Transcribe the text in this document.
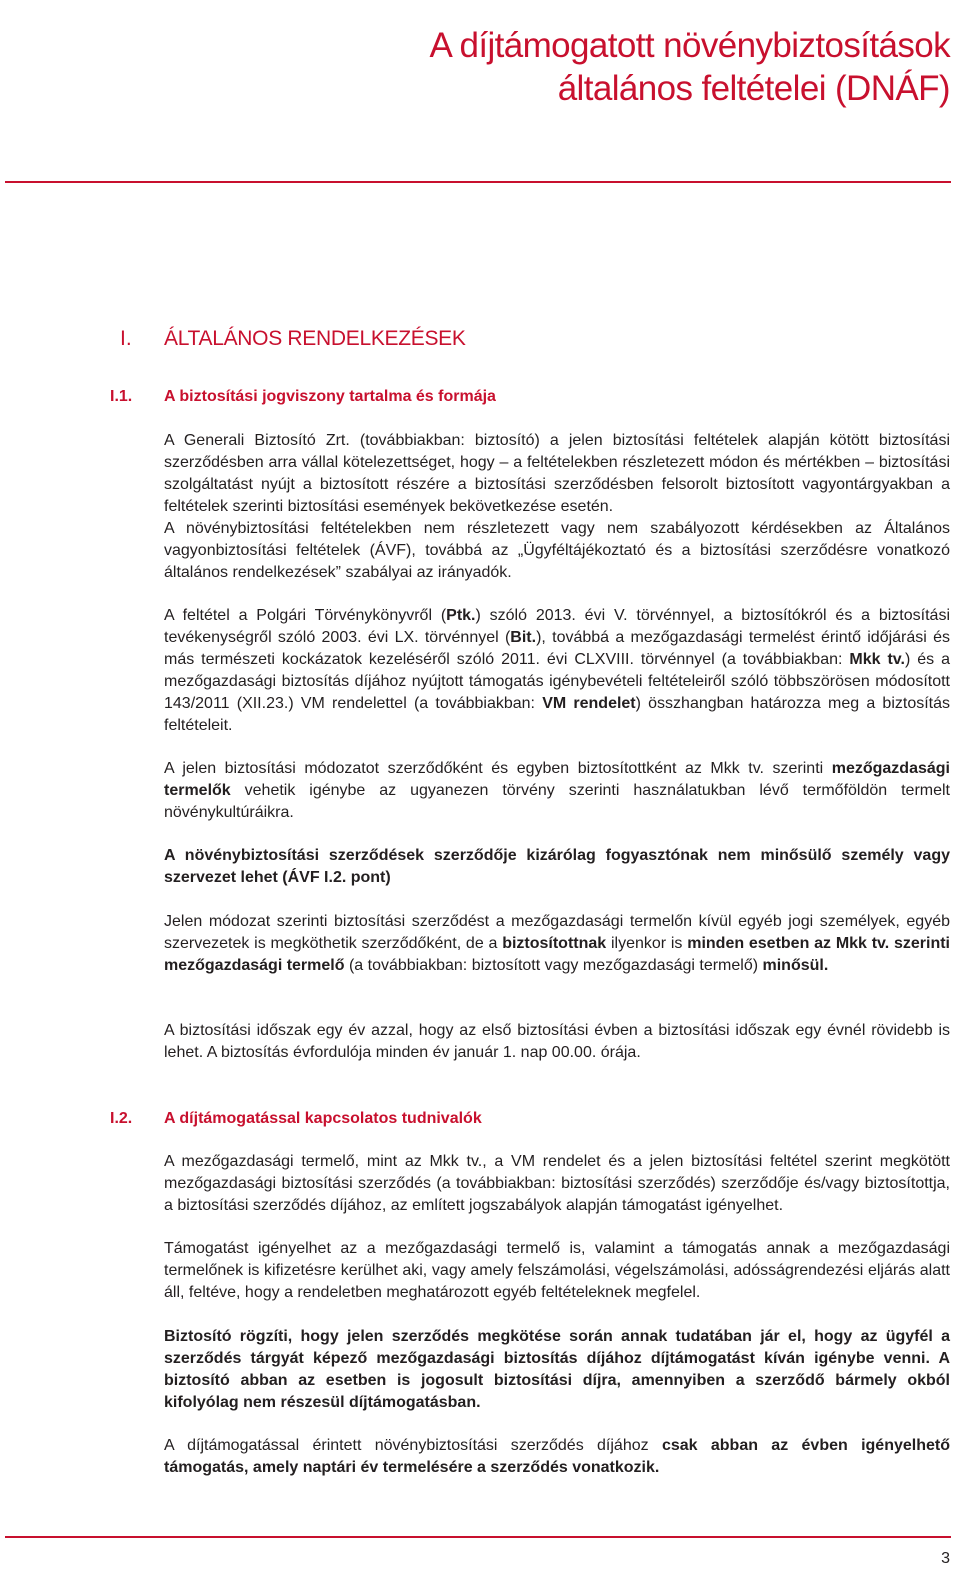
A díjtámogatott növénybiztosítások
általános feltételei (DNÁF)
I. ÁLTALÁNOS RENDELKEZÉSEK
I.1. A biztosítási jogviszony tartalma és formája
A Generali Biztosító Zrt. (továbbiakban: biztosító) a jelen biztosítási feltételek alapján kötött biztosítási szerződésben arra vállal kötelezettséget, hogy – a feltételekben részletezett módon és mértékben – biztosítási szolgáltatást nyújt a biztosított részére a biztosítási szerződésben felsorolt biztosított vagyontárgyakban a feltételek szerinti biztosítási események bekövetkezése esetén.
A növénybiztosítási feltételekben nem részletezett vagy nem szabályozott kérdésekben az Általános vagyonbiztosítási feltételek (ÁVF), továbbá az „Ügyféltájékoztató és a biztosítási szerződésre vonatkozó általános rendelkezések” szabályai az irányadók.
A feltétel a Polgári Törvénykönyvről (Ptk.) szóló 2013. évi V. törvénnyel, a biztosítókról és a biztosítási tevékenységről szóló 2003. évi LX. törvénnyel (Bit.), továbbá a mezőgazdasági termelést érintő időjárási és más természeti kockázatok kezeléséről szóló 2011. évi CLXVIII. törvénnyel (a továbbiakban: Mkk tv.) és a mezőgazdasági biztosítás díjához nyújtott támogatás igénybevételi feltételeiről szóló többszörösen módosított 143/2011 (XII.23.) VM rendelettel (a továbbiakban: VM rendelet) összhangban határozza meg a biztosítás feltételeit.
A jelen biztosítási módozatot szerződőként és egyben biztosítottként az Mkk tv. szerinti mezőgazdasági termelők vehetik igénybe az ugyanezen törvény szerinti használatukban lévő termőföldön termelt növénykultúráikra.
A növénybiztosítási szerződések szerződője kizárólag fogyasztónak nem minősülő személy vagy szervezet lehet (ÁVF I.2. pont)
Jelen módozat szerinti biztosítási szerződést a mezőgazdasági termelőn kívül egyéb jogi személyek, egyéb szervezetek is megköthetik szerződőként, de a biztosítottnak ilyenkor is minden esetben az Mkk tv. szerinti mezőgazdasági termelő (a továbbiakban: biztosított vagy mezőgazdasági termelő) minősül.
A biztosítási időszak egy év azzal, hogy az első biztosítási évben a biztosítási időszak egy évnél rövidebb is lehet. A biztosítás évfordulója minden év január 1. nap 00.00. órája.
I.2. A díjtámogatással kapcsolatos tudnivalók
A mezőgazdasági termelő, mint az Mkk tv., a VM rendelet és a jelen biztosítási feltétel szerint megkötött mezőgazdasági biztosítási szerződés (a továbbiakban: biztosítási szerződés) szerződője és/vagy biztosítottja, a biztosítási szerződés díjához, az említett jogszabályok alapján támogatást igényelhet.
Támogatást igényelhet az a mezőgazdasági termelő is, valamint a támogatás annak a mezőgazdasági termelőnek is kifizetésre kerülhet aki, vagy amely felszámolási, végelszámolási, adósságrendezési eljárás alatt áll, feltéve, hogy a rendeletben meghatározott egyéb feltételeknek megfelel.
Biztosító rögzíti, hogy jelen szerződés megkötése során annak tudatában jár el, hogy az ügyfél a szerződés tárgyát képező mezőgazdasági biztosítás díjához díjtámogatást kíván igénybe venni. A biztosító abban az esetben is jogosult biztosítási díjra, amennyiben a szerződő bármely okból kifolyólag nem részesül díjtámogatásban.
A díjtámogatással érintett növénybiztosítási szerződés díjához csak abban az évben igényelhető támogatás, amely naptári év termelésére a szerződés vonatkozik.
3
